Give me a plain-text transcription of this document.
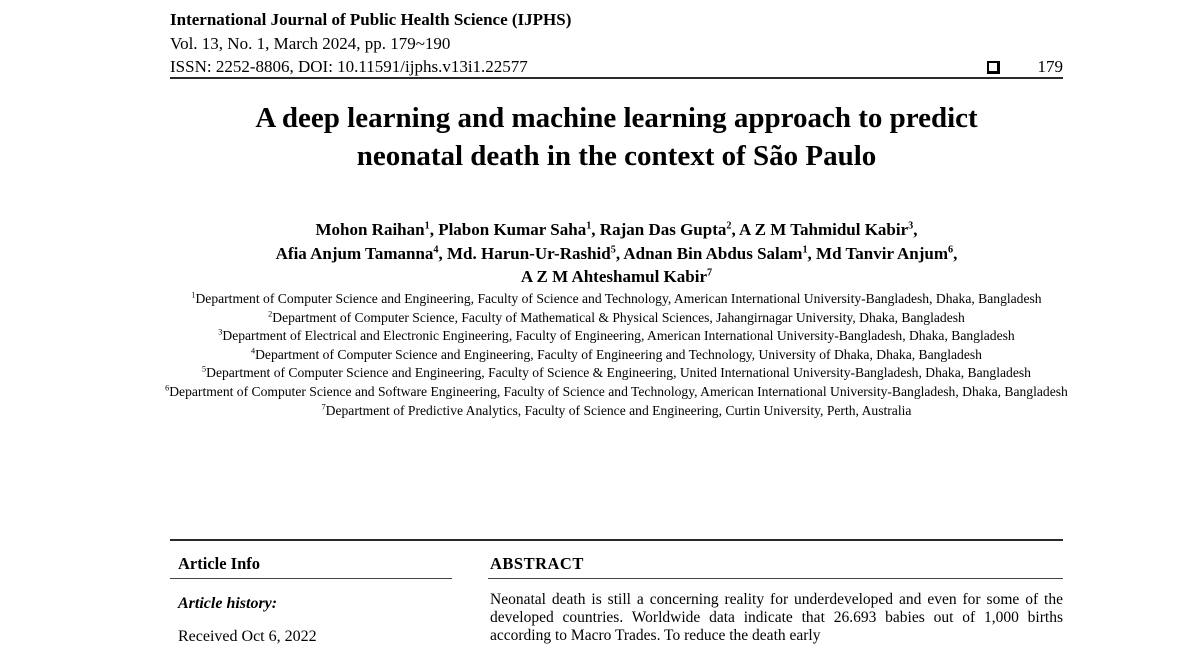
International Journal of Public Health Science (IJPHS)
Vol. 13, No. 1, March 2024, pp. 179~190
ISSN: 2252-8806, DOI: 10.11591/ijphs.v13i1.22577	179
A deep learning and machine learning approach to predict
neonatal death in the context of São Paulo
Mohon Raihan$^1$, Plabon Kumar Saha$^1$, Rajan Das Gupta$^2$, A Z M Tahmidul Kabir$^3$,
Afia Anjum Tamanna$^4$, Md. Harun-Ur-Rashid$^5$, Adnan Bin Abdus Salam$^1$, Md Tanvir Anjum$^6$,
A Z M Ahteshamul Kabir$^7$
$^1$Department of Computer Science and Engineering, Faculty of Science and Technology, American International University-Bangladesh, Dhaka, Bangladesh
$^2$Department of Computer Science, Faculty of Mathematical & Physical Sciences, Jahangirnagar University, Dhaka, Bangladesh
$^3$Department of Electrical and Electronic Engineering, Faculty of Engineering, American International University-Bangladesh, Dhaka, Bangladesh
$^4$Department of Computer Science and Engineering, Faculty of Engineering and Technology, University of Dhaka, Dhaka, Bangladesh
$^5$Department of Computer Science and Engineering, Faculty of Science & Engineering, United International University-Bangladesh, Dhaka, Bangladesh
$^6$Department of Computer Science and Software Engineering, Faculty of Science and Technology, American International University-Bangladesh, Dhaka, Bangladesh
$^7$Department of Predictive Analytics, Faculty of Science and Engineering, Curtin University, Perth, Australia
Article Info
Article history:
Received Oct 6, 2022
ABSTRACT
Neonatal death is still a concerning reality for underdeveloped and even for some of the developed countries. Worldwide data indicate that 26.693 babies out of 1,000 births according to Macro Trades. To reduce the death early
